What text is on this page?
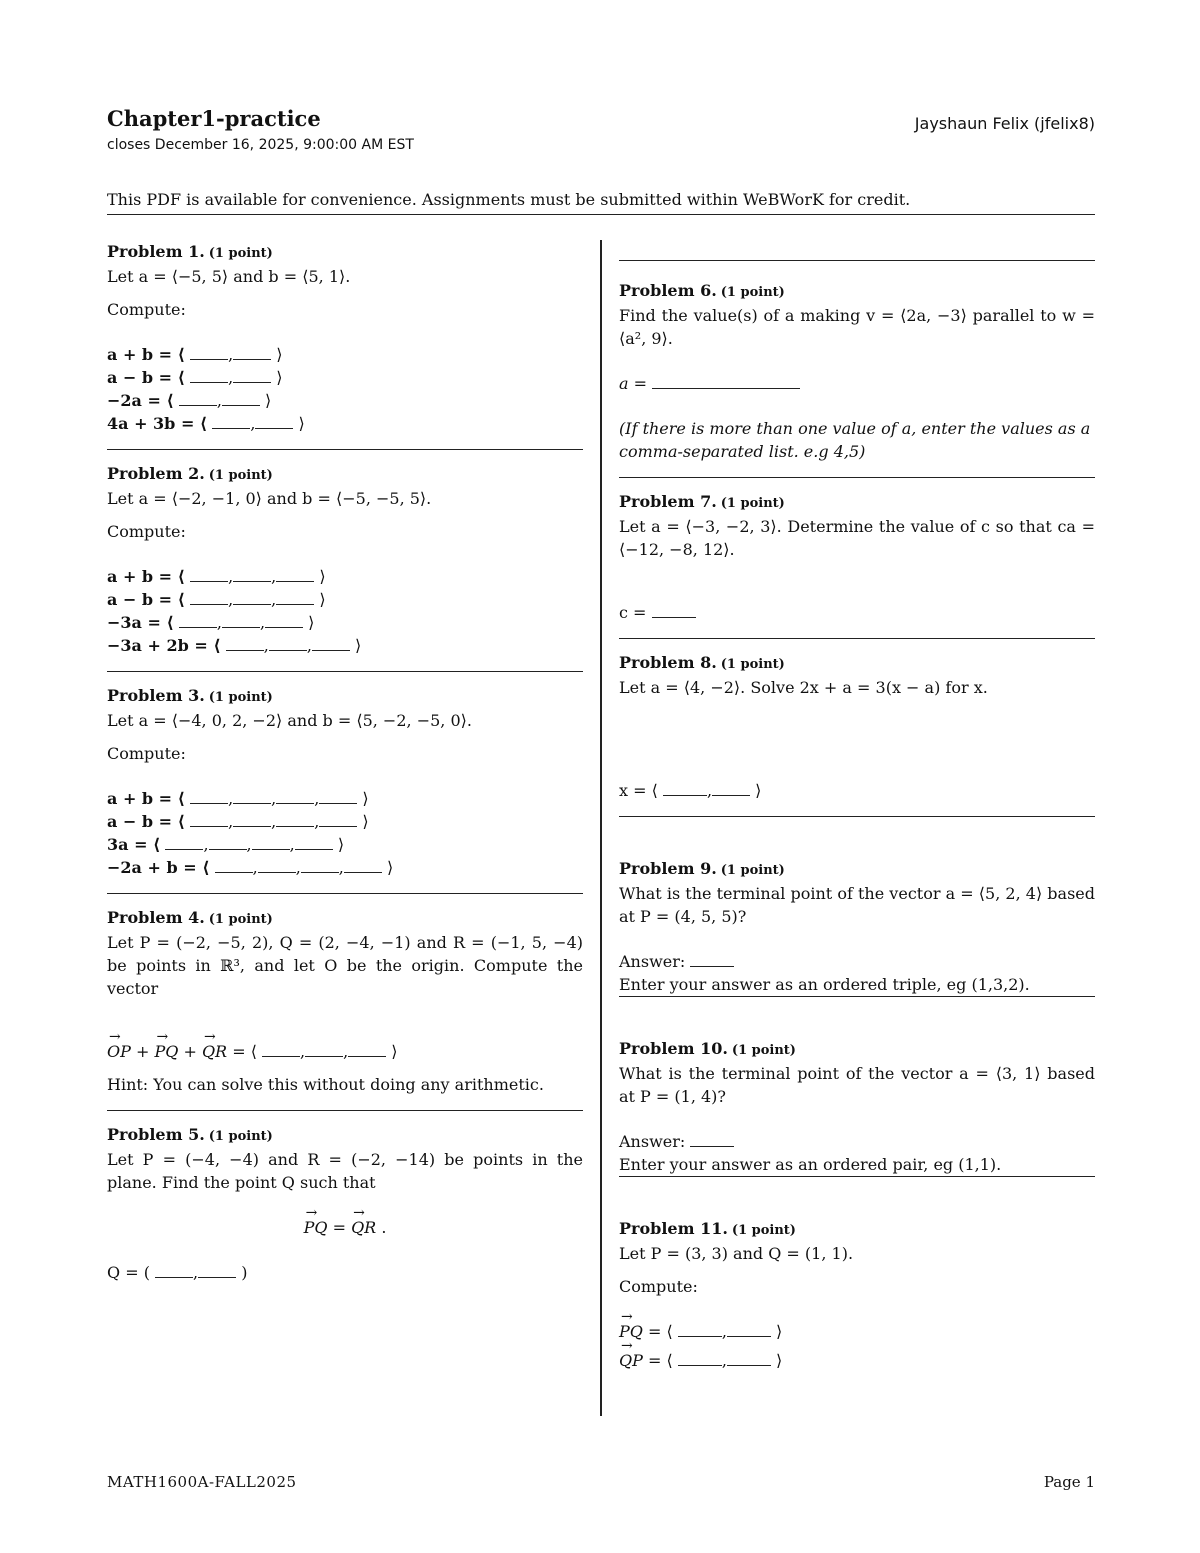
Chapter1-practice
closes December 16, 2025, 9:00:00 AM EST
Jayshaun Felix (jfelix8)
This PDF is available for convenience. Assignments must be submitted within WeBWorK for credit.
Problem 1. (1 point)
Let a = ⟨−5, 5⟩ and b = ⟨5, 1⟩.
Compute:
a + b = ⟨	, ⟩
a − b = ⟨	, ⟩
−2a = ⟨	, ⟩
4a + 3b = ⟨	, ⟩
Problem 2. (1 point)
Let a = ⟨−2, −1, 0⟩ and b = ⟨−5, −5, 5⟩.
Compute:
a + b = ⟨	, , ⟩
a − b = ⟨	, , ⟩
−3a = ⟨	, , ⟩
−3a + 2b = ⟨	, , ⟩
Problem 3. (1 point)
Let a = ⟨−4, 0, 2, −2⟩ and b = ⟨5, −2, −5, 0⟩.
Compute:
a + b = ⟨	, , , ⟩
a − b = ⟨	, , , ⟩
3a = ⟨	, , , ⟩
−2a + b = ⟨	, , , ⟩
Problem 4. (1 point)
Let P = (−2, −5, 2), Q = (2, −4, −1) and R = (−1, 5, −4) be points in ℝ³, and let O be the origin. Compute the vector
→ OP + → PQ + → QR = ⟨	, , ⟩
Hint: You can solve this without doing any arithmetic.
Problem 5. (1 point)
Let P = (−4, −4) and R = (−2, −14) be points in the plane. Find the point Q such that
→ PQ = → QR .
Q = (	, )
Problem 6. (1 point)
Find the value(s) of a making v = ⟨2a, −3⟩ parallel to w = ⟨a², 9⟩.
a =
(If there is more than one value of a, enter the values as a comma-separated list. e.g 4,5)
Problem 7. (1 point)
Let a = ⟨−3, −2, 3⟩. Determine the value of c so that ca = ⟨−12, −8, 12⟩.
c =
Problem 8. (1 point)
Let a = ⟨4, −2⟩. Solve 2x + a = 3(x − a) for x.
x = ⟨	, ⟩
Problem 9. (1 point)
What is the terminal point of the vector a = ⟨5, 2, 4⟩ based at P = (4, 5, 5)?
Answer:
Enter your answer as an ordered triple, eg (1,3,2).
Problem 10. (1 point)
What is the terminal point of the vector a = ⟨3, 1⟩ based at P = (1, 4)?
Answer:
Enter your answer as an ordered pair, eg (1,1).
Problem 11. (1 point)
Let P = (3, 3) and Q = (1, 1).
Compute:
→ PQ = ⟨	,	⟩
→ QP = ⟨	,	⟩
MATH1600A-FALL2025	Page 1
